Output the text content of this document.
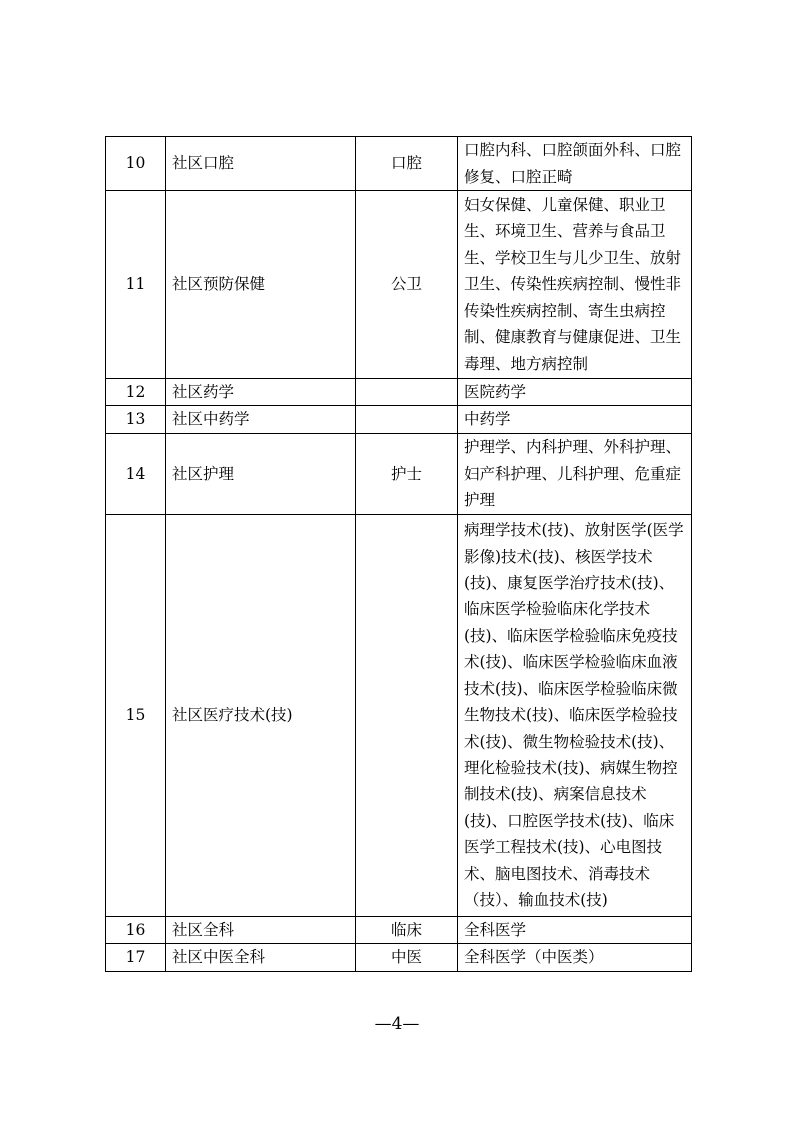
10	社区口腔	口腔	口腔内科、口腔颌面外科、口腔修复、口腔正畸
11	社区预防保健	公卫	妇女保健、儿童保健、职业卫生、环境卫生、营养与食品卫生、学校卫生与儿少卫生、放射卫生、传染性疾病控制、慢性非传染性疾病控制、寄生虫病控制、健康教育与健康促进、卫生毒理、地方病控制
12	社区药学		医院药学
13	社区中药学		中药学
14	社区护理	护士	护理学、内科护理、外科护理、妇产科护理、儿科护理、危重症护理
15	社区医疗技术(技)		病理学技术(技)、放射医学(医学影像)技术(技)、核医学技术(技)、康复医学治疗技术(技)、临床医学检验临床化学技术(技)、临床医学检验临床免疫技术(技)、临床医学检验临床血液技术(技)、临床医学检验临床微生物技术(技)、临床医学检验技术(技)、微生物检验技术(技)、理化检验技术(技)、病媒生物控制技术(技)、病案信息技术(技)、口腔医学技术(技)、临床医学工程技术(技)、心电图技术、脑电图技术、消毒技术（技）、输血技术(技)
16	社区全科	临床	全科医学
17	社区中医全科	中医	全科医学（中医类）
—4—
